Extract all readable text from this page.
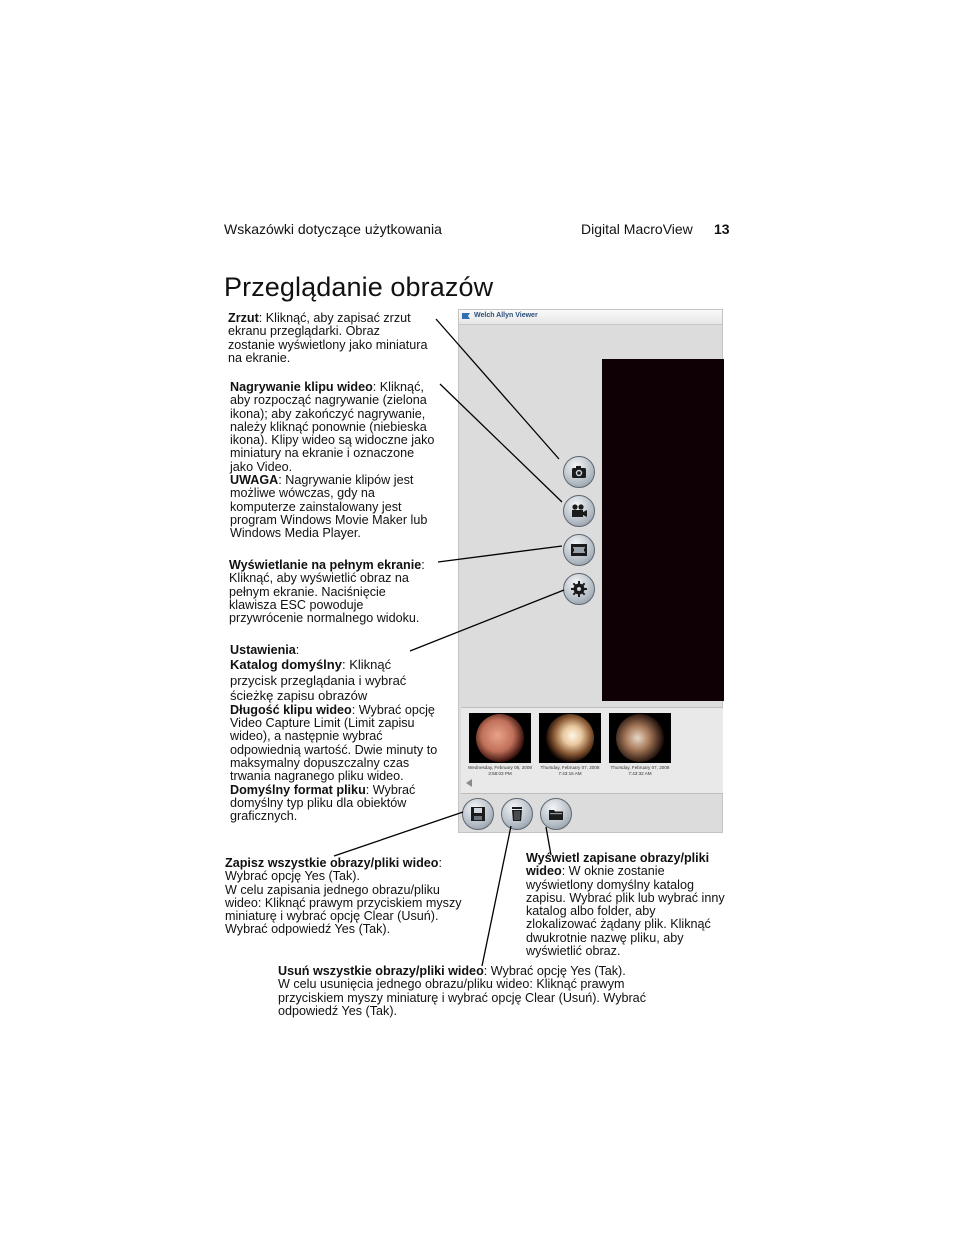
Wskazówki dotyczące użytkowania	Digital MacroView 13
Przeglądanie obrazów
Welch Allyn Viewer
Wednesday, February 06, 2008
3:58:03 PM
Thursday, February 07, 2008
7:43:15 AM
Thursday, February 07, 2008
7:43:32 AM
Zrzut: Kliknąć, aby zapisać zrzut ekranu przeglądarki. Obraz zostanie wyświetlony jako miniatura na ekranie.
Nagrywanie klipu wideo: Kliknąć, aby rozpocząć nagrywanie (zielona ikona); aby zakończyć nagrywanie, należy kliknąć ponownie (niebieska ikona). Klipy wideo są widoczne jako miniatury na ekranie i oznaczone jako Video.
UWAGA: Nagrywanie klipów jest możliwe wówczas, gdy na komputerze zainstalowany jest program Windows Movie Maker lub Windows Media Player.
Wyświetlanie na pełnym ekranie: Kliknąć, aby wyświetlić obraz na pełnym ekranie. Naciśnięcie klawisza ESC powoduje przywrócenie normalnego widoku.
Ustawienia:
Katalog domyślny: Kliknąć przycisk przeglądania i wybrać ścieżkę zapisu obrazów
Długość klipu wideo: Wybrać opcję Video Capture Limit (Limit zapisu wideo), a następnie wybrać odpowiednią wartość. Dwie minuty to maksymalny dopuszczalny czas trwania nagranego pliku wideo.
Domyślny format pliku: Wybrać domyślny typ pliku dla obiektów graficznych.
Zapisz wszystkie obrazy/pliki wideo: Wybrać opcję Yes (Tak).
W celu zapisania jednego obrazu/pliku wideo: Kliknąć prawym przyciskiem myszy miniaturę i wybrać opcję Clear (Usuń). Wybrać odpowiedź Yes (Tak).
Wyświetl zapisane obrazy/pliki wideo: W oknie zostanie wyświetlony domyślny katalog zapisu. Wybrać plik lub wybrać inny katalog albo folder, aby zlokalizować żądany plik. Kliknąć dwukrotnie nazwę pliku, aby wyświetlić obraz.
Usuń wszystkie obrazy/pliki wideo: Wybrać opcję Yes (Tak).
W celu usunięcia jednego obrazu/pliku wideo: Kliknąć prawym przyciskiem myszy miniaturę i wybrać opcję Clear (Usuń). Wybrać odpowiedź Yes (Tak).
